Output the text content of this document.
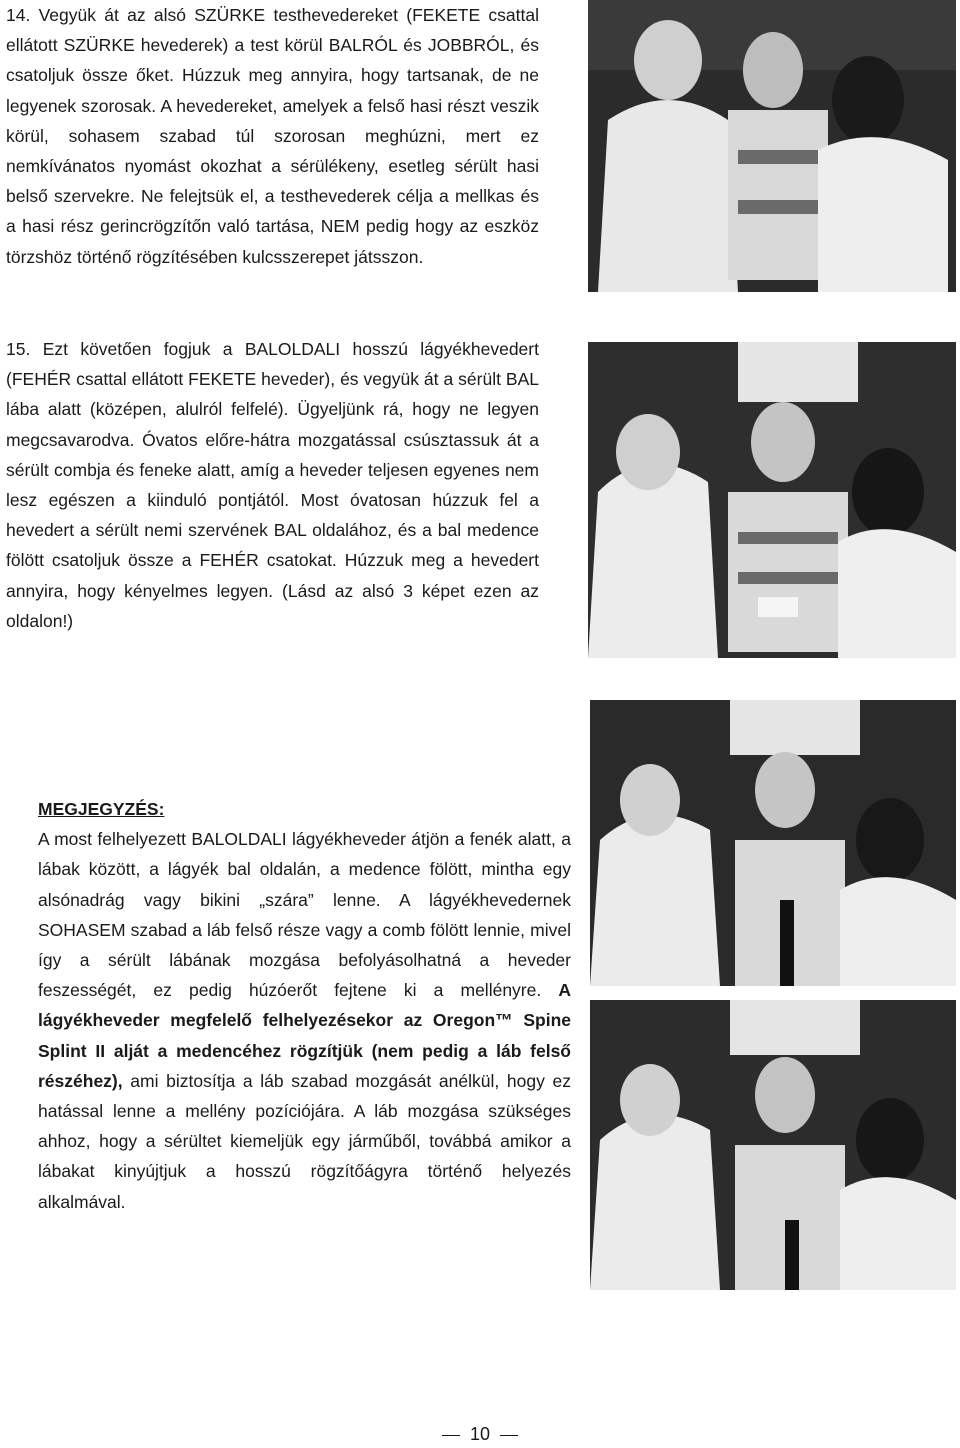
14. Vegyük át az alsó SZÜRKE testhevedereket (FEKETE csattal ellátott SZÜRKE hevederek) a test körül BALRÓL és JOBBRÓL, és csatoljuk össze őket. Húzzuk meg annyira, hogy tartsanak, de ne legyenek szorosak. A hevedereket, amelyek a felső hasi részt veszik körül, sohasem szabad túl szorosan meghúzni, mert ez nemkívánatos nyomást okozhat a sérülékeny, esetleg sérült hasi belső szervekre. Ne felejtsük el, a testhevederek célja a mellkas és a hasi rész gerincrögzítőn való tartása, NEM pedig hogy az eszköz törzshöz történő rögzítésében kulcsszerepet játsszon.

15. Ezt követően fogjuk a BALOLDALI hosszú lágyékhevedert (FEHÉR csattal ellátott FEKETE heveder), és vegyük át a sérült BAL lába alatt (középen, alulról felfelé). Ügyeljünk rá, hogy ne legyen megcsavarodva. Óvatos előre-hátra mozgatással csúsztassuk át a sérült combja és feneke alatt, amíg a heveder teljesen egyenes nem lesz egészen a kiinduló pontjától. Most óvatosan húzzuk fel a hevedert a sérült nemi szervének BAL oldalához, és a bal medence fölött csatoljuk össze a FEHÉR csatokat. Húzzuk meg a hevedert annyira, hogy kényelmes legyen. (Lásd az alsó 3 képet ezen az oldalon!)

MEGJEGYZÉS:
A most felhelyezett BALOLDALI lágyékheveder átjön a fenék alatt, a lábak között, a lágyék bal oldalán, a medence fölött, mintha egy alsónadrág vagy bikini „szára” lenne. A lágyékhevedernek SOHASEM szabad a láb felső része vagy a comb fölött lennie, mivel így a sérült lábának mozgása befolyásolhatná a heveder feszességét, ez pedig húzóerőt fejtene ki a mellényre. A lágyékheveder megfelelő felhelyezésekor az Oregon™ Spine Splint II alját a medencéhez rögzítjük (nem pedig a láb felső részéhez), ami biztosítja a láb szabad mozgását anélkül, hogy ez hatással lenne a mellény pozíciójára. A láb mozgása szükséges ahhoz, hogy a sérültet kiemeljük egy járműből, továbbá amikor a lábakat kinyújtjuk a hosszú rögzítőágyra történő helyezés alkalmával.

10
